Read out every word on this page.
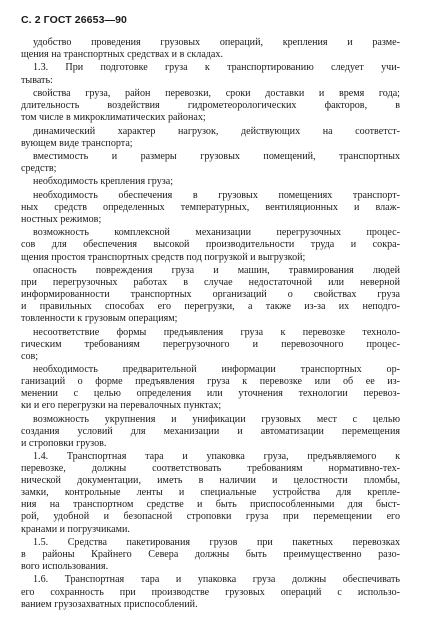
С. 2 ГОСТ 26653—90
удобство проведения грузовых операций, крепления и разме-
щения на транспортных средствах и в складах.
1.3. При подготовке груза к транспортированию следует учи-
тывать:
свойства груза, район перевозки, сроки доставки и время года;
длительность воздействия гидрометеорологических факторов, в
том числе в микроклиматических районах;
динамический характер нагрузок, действующих на соответст-
вующем виде транспорта;
вместимость и размеры грузовых помещений, транспортных
средств;
необходимость крепления груза;
необходимость обеспечения в грузовых помещениях транспорт-
ных средств определенных температурных, вентиляционных и влаж-
ностных режимов;
возможность комплексной механизации перегрузочных процес-
сов для обеспечения высокой производительности труда и сокра-
щения простоя транспортных средств под погрузкой и выгрузкой;
опасность повреждения груза и машин, травмирования людей
при перегрузочных работах в случае недостаточной или неверной
информированности транспортных организаций о свойствах груза
и правильных способах его перегрузки, а также из-за их неподго-
товленности к грузовым операциям;
несоответствие формы предъявления груза к перевозке техноло-
гическим требованиям перегрузочного и перевозочного процес-
сов;
необходимость предварительной информации транспортных ор-
ганизаций о форме предъявления груза к перевозке или об ее из-
менении с целью определения или уточнения технологии перевоз-
ки и его перегрузки на перевалочных пунктах;
возможность укрупнения и унификации грузовых мест с целью
создания условий для механизации и автоматизации перемещения
и строповки грузов.
1.4. Транспортная тара и упаковка груза, предъявляемого к
перевозке, должны соответствовать требованиям нормативно-тех-
нической документации, иметь в наличии и целостности пломбы,
замки, контрольные ленты и специальные устройства для крепле-
ния на транспортном средстве и быть приспособленными для быст-
рой, удобной и безопасной строповки груза при перемещении его
кранами и погрузчиками.
1.5. Средства пакетирования грузов при пакетных перевозках
в районы Крайнего Севера должны быть преимущественно разо-
вого использования.
1.6. Транспортная тара и упаковка груза должны обеспечивать
его сохранность при производстве грузовых операций с использо-
ванием грузозахватных приспособлений.
